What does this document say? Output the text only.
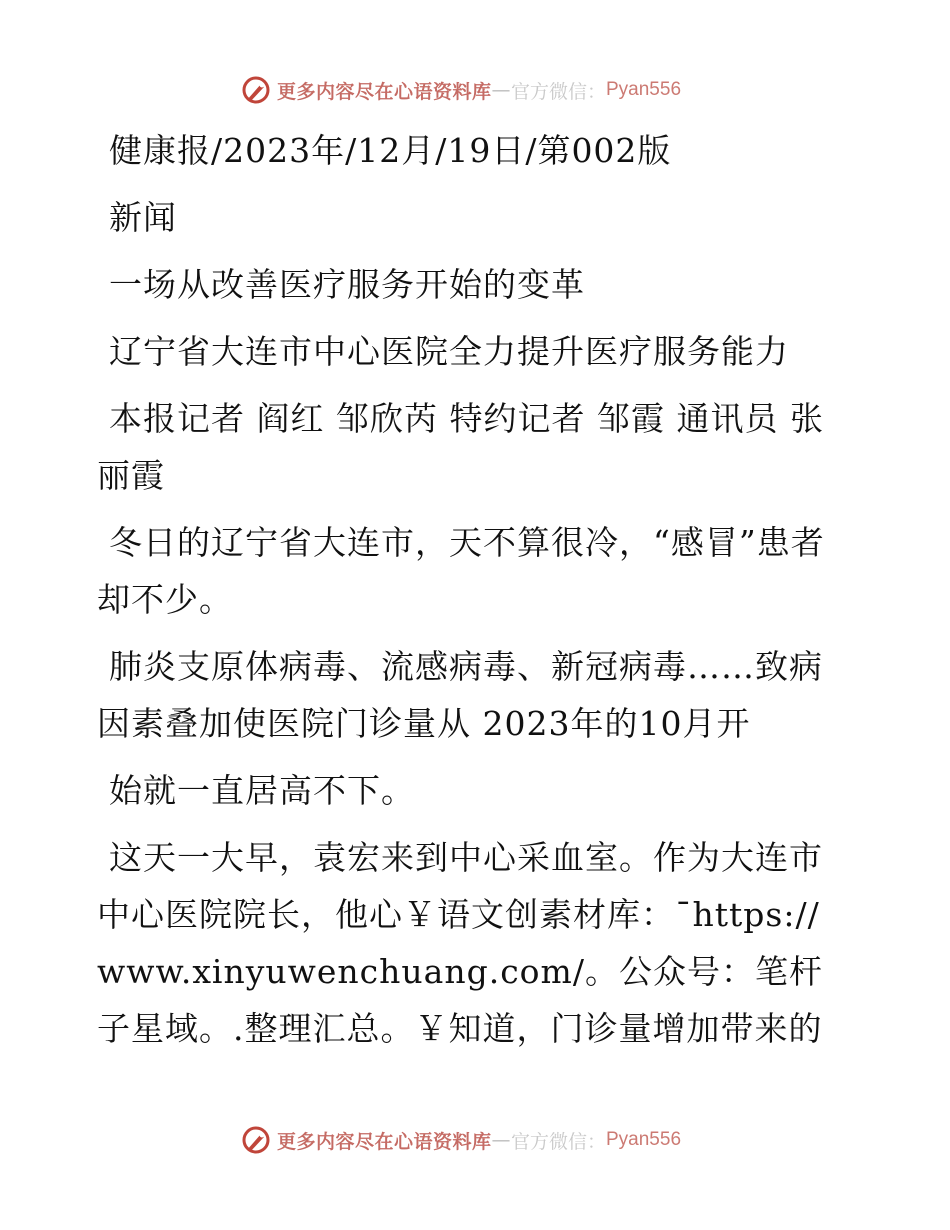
更多内容尽在心语资料库 — 官方微信： Pyan556

健康报/2023年/12月/19日/第002版

新闻

一场从改善医疗服务开始的变革

辽宁省大连市中心医院全力提升医疗服务能力

本报记者 阎红 邹欣芮 特约记者 邹霞 通讯员 张丽霞

冬日的辽宁省大连市，天不算很冷，“感冒”患者却不少。

肺炎支原体病毒、流感病毒、新冠病毒……致病因素叠加使医院门诊量从 2023年的10月开

始就一直居高不下。

这天一大早，袁宏来到中心采血室。作为大连市中心医院院长，他心￥语文创素材库：¯https://www.xinyuwenchuang.com/。公众号：笔杆子星域。.整理汇总。￥知道，门诊量增加带来的

更多内容尽在心语资料库 — 官方微信： Pyan556
